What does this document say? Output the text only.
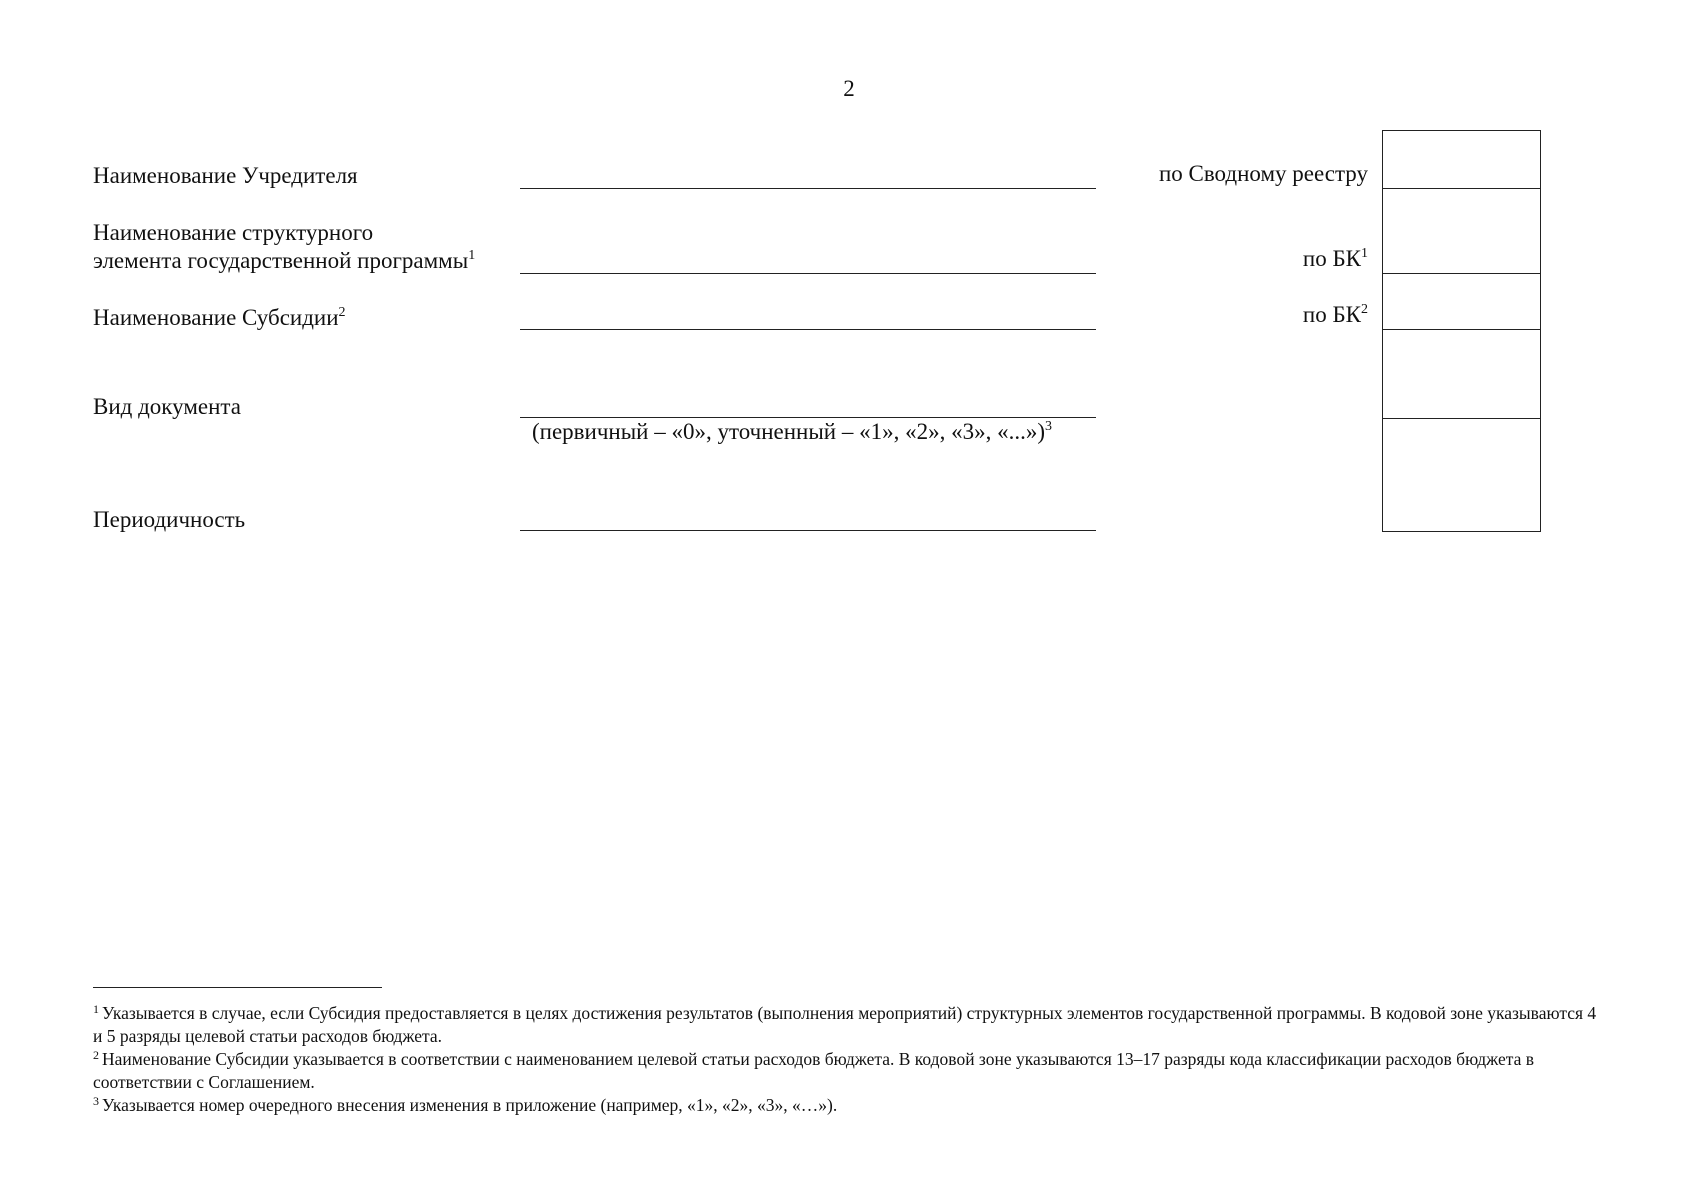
2
Наименование Учредителя
Наименование структурного
элемента государственной программы$^1$
Наименование Субсидии$^2$
Вид документа
Периодичность
(первичный – «0», уточненный – «1», «2», «3», «...»)$^3$
по Сводному реестру
по $БК^1$
по $БК^2$

$^1$ Указывается в случае, если Субсидия предоставляется в целях достижения результатов (выполнения мероприятий) структурных элементов государственной программы. В кодовой зоне указываются 4 и 5 разряды целевой статьи расходов бюджета.

$^2$ Наименование Субсидии указывается в соответствии с наименованием целевой статьи расходов бюджета. В кодовой зоне указываются 13–17 разряды кода классификации расходов бюджета в соответствии с Соглашением.

$^3$ Указывается номер очередного внесения изменения в приложение (например, «1», «2», «3», «…»).
